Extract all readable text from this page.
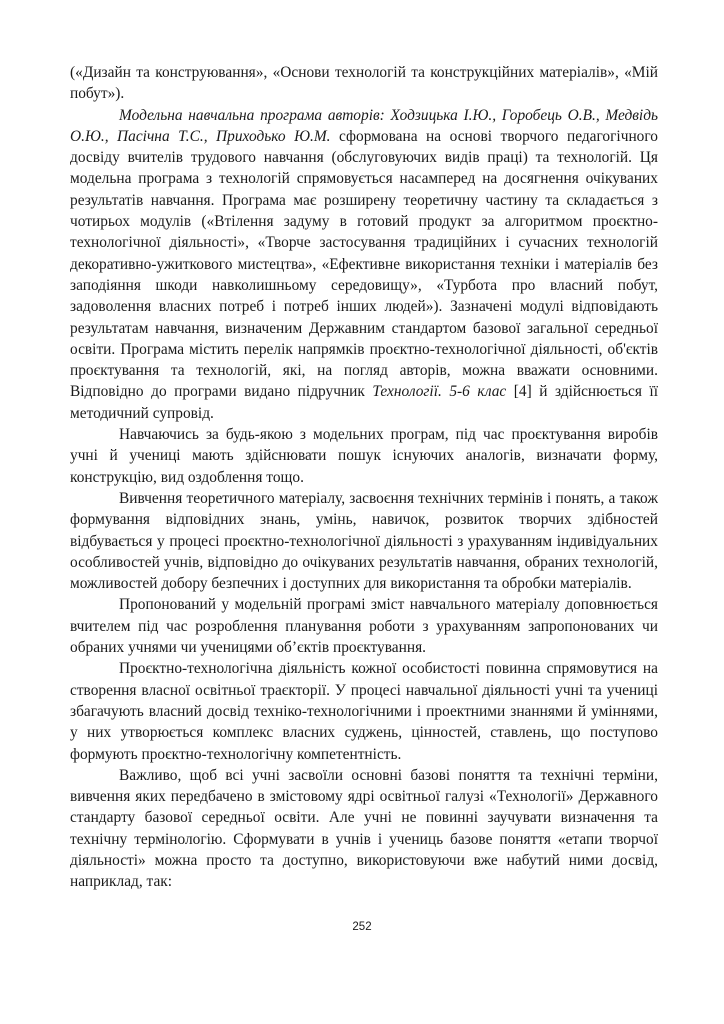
(«Дизайн та конструювання», «Основи технологій та конструкційних матеріалів», «Мій побут»).

Модельна навчальна програма авторів: Ходзицька І.Ю., Горобець О.В., Медвідь О.Ю., Пасічна Т.С., Приходько Ю.М. сформована на основі творчого педагогічного досвіду вчителів трудового навчання (обслуговуючих видів праці) та технологій. Ця модельна програма з технологій спрямовується насамперед на досягнення очікуваних результатів навчання. Програма має розширену теоретичну частину та складається з чотирьох модулів («Втілення задуму в готовий продукт за алгоритмом проєктно-технологічної діяльності», «Творче застосування традиційних і сучасних технологій декоративно-ужиткового мистецтва», «Ефективне використання техніки і матеріалів без заподіяння шкоди навколишньому середовищу», «Турбота про власний побут, задоволення власних потреб і потреб інших людей»). Зазначені модулі відповідають результатам навчання, визначеним Державним стандартом базової загальної середньої освіти. Програма містить перелік напрямків проєктно-технологічної діяльності, об'єктів проєктування та технологій, які, на погляд авторів, можна вважати основними. Відповідно до програми видано підручник Технології. 5-6 клас [4] й здійснюється її методичний супровід.

Навчаючись за будь-якою з модельних програм, під час проєктування виробів учні й учениці мають здійснювати пошук існуючих аналогів, визначати форму, конструкцію, вид оздоблення тощо.

Вивчення теоретичного матеріалу, засвоєння технічних термінів і понять, а також формування відповідних знань, умінь, навичок, розвиток творчих здібностей відбувається у процесі проєктно-технологічної діяльності з урахуванням індивідуальних особливостей учнів, відповідно до очікуваних результатів навчання, обраних технологій, можливостей добору безпечних і доступних для використання та обробки матеріалів.

Пропонований у модельній програмі зміст навчального матеріалу доповнюється вчителем під час розроблення планування роботи з урахуванням запропонованих чи обраних учнями чи ученицями об’єктів проєктування.

Проєктно-технологічна діяльність кожної особистості повинна спрямовутися на створення власної освітньої траєкторії. У процесі навчальної діяльності учні та учениці збагачують власний досвід техніко-технологічними і проектними знаннями й уміннями, у них утворюється комплекс власних суджень, цінностей, ставлень, що поступово формують проєктно-технологічну компетентність.

Важливо, щоб всі учні засвоїли основні базові поняття та технічні терміни, вивчення яких передбачено в змістовому ядрі освітньої галузі «Технології» Державного стандарту базової середньої освіти. Але учні не повинні заучувати визначення та технічну термінологію. Сформувати в учнів і учениць базове поняття «етапи творчої діяльності» можна просто та доступно, використовуючи вже набутий ними досвід, наприклад, так:

252
